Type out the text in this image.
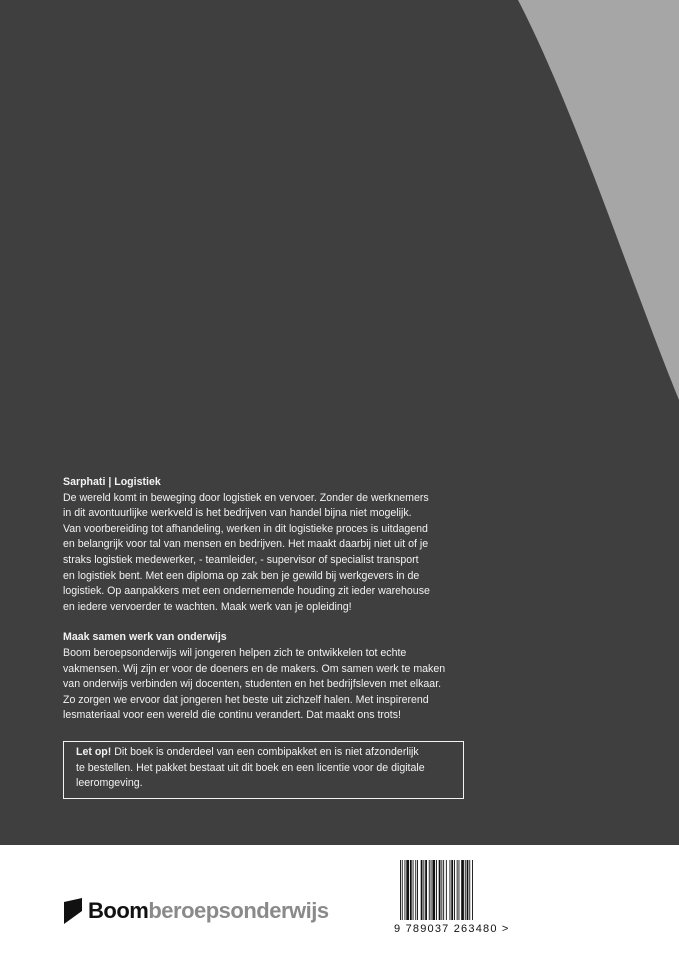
Sarphati | Logistiek

De wereld komt in beweging door logistiek en vervoer. Zonder de werknemers

in dit avontuurlijke werkveld is het bedrijven van handel bijna niet mogelijk.

Van voorbereiding tot afhandeling, werken in dit logistieke proces is uitdagend

en belangrijk voor tal van mensen en bedrijven. Het maakt daarbij niet uit of je

straks logistiek medewerker, - teamleider, - supervisor of specialist transport

en logistiek bent. Met een diploma op zak ben je gewild bij werkgevers in de

logistiek. Op aanpakkers met een ondernemende houding zit ieder warehouse

en iedere vervoerder te wachten. Maak werk van je opleiding!

Maak samen werk van onderwijs

Boom beroepsonderwijs wil jongeren helpen zich te ontwikkelen tot echte

vakmensen. Wij zijn er voor de doeners en de makers. Om samen werk te maken

van onderwijs verbinden wij docenten, studenten en het bedrijfsleven met elkaar.

Zo zorgen we ervoor dat jongeren het beste uit zichzelf halen. Met inspirerend

lesmateriaal voor een wereld die continu verandert. Dat maakt ons trots!

Let op! Dit boek is onderdeel van een combipakket en is niet afzonderlijk
te bestellen. Het pakket bestaat uit dit boek en een licentie voor de digitale
leeromgeving.
Boom beroepsonderwijs
9 789037 263480 >
